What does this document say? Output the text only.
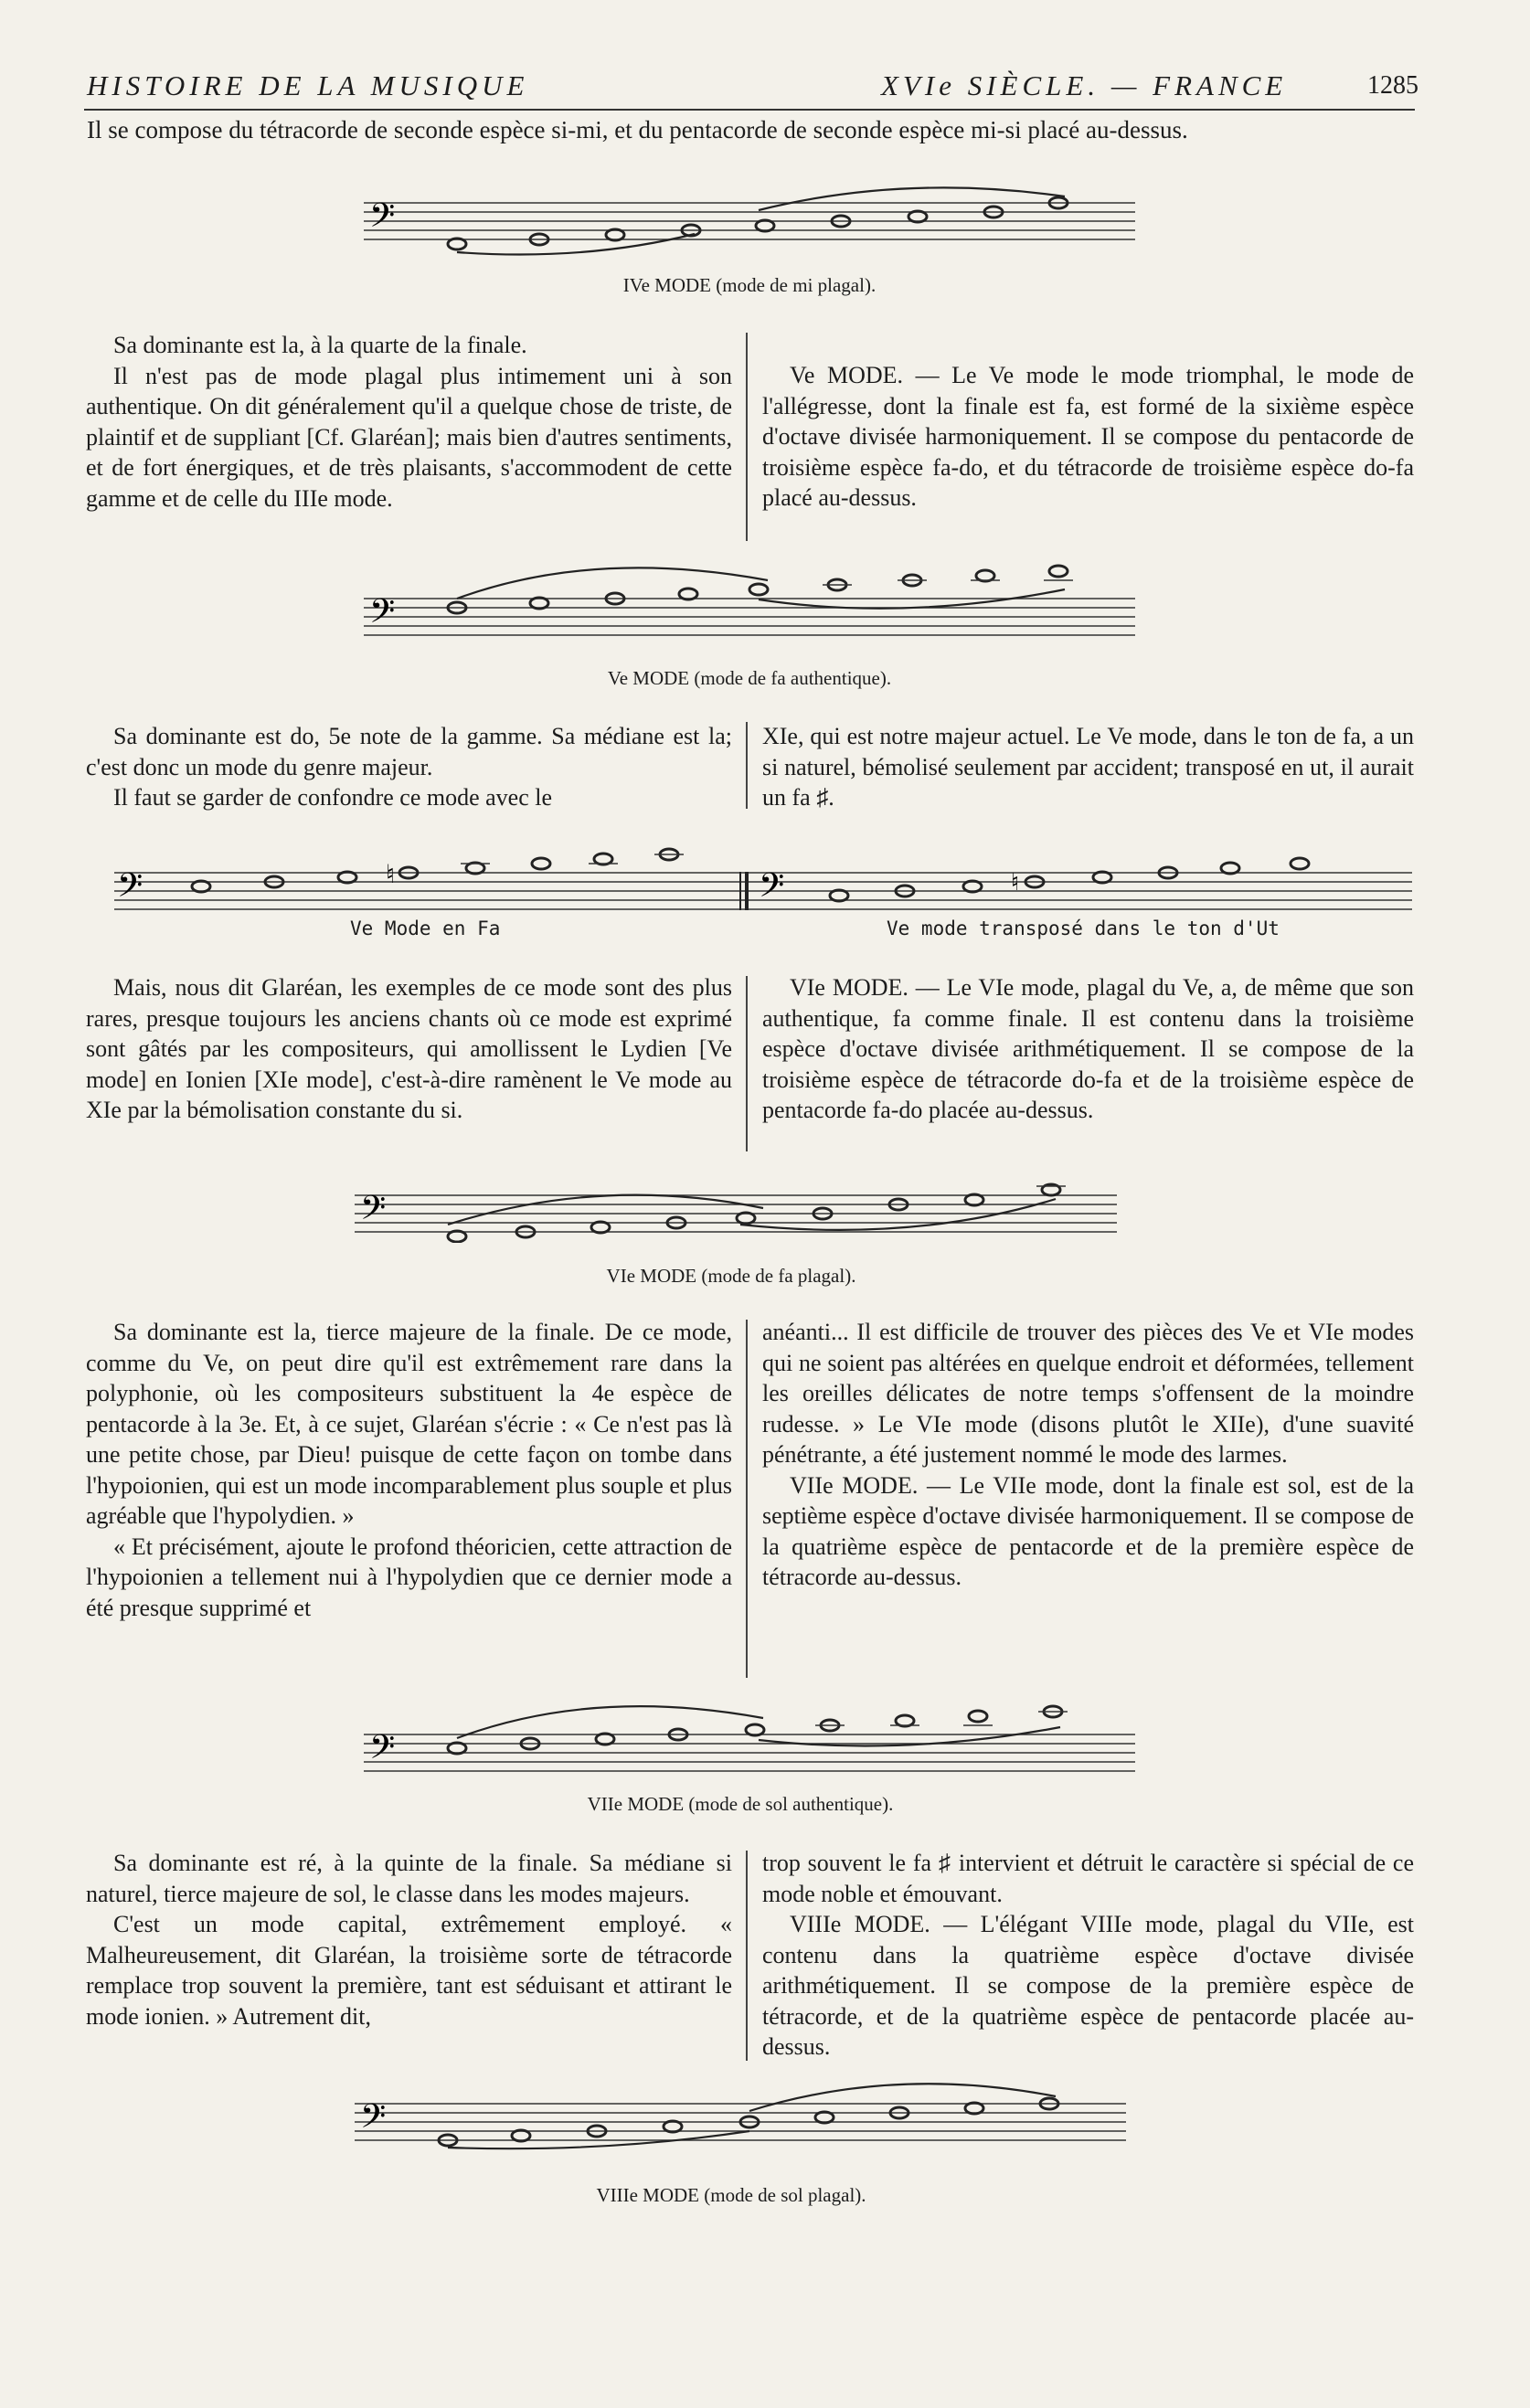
HISTOIRE DE LA MUSIQUE	XVIe SIÈCLE. — FRANCE	1285
Il se compose du tétracorde de seconde espèce si-mi, et du pentacorde de seconde espèce mi-si placé au-dessus.
𝄢
IVe MODE (mode de mi plagal).

Sa dominante est la, à la quarte de la finale.

Il n'est pas de mode plagal plus intimement uni à son authentique. On dit généralement qu'il a quelque chose de triste, de plaintif et de suppliant [Cf. Glaréan]; mais bien d'autres sentiments, et de fort énergiques, et de très plaisants, s'accommodent de cette gamme et de celle du IIIe mode.

Ve MODE. — Le Ve mode le mode triomphal, le mode de l'allégresse, dont la finale est fa, est formé de la sixième espèce d'octave divisée harmoniquement. Il se compose du pentacorde de troisième espèce fa-do, et du tétracorde de troisième espèce do-fa placé au-dessus.

𝄢
Ve MODE (mode de fa authentique).

Sa dominante est do, 5e note de la gamme. Sa médiane est la; c'est donc un mode du genre majeur.

Il faut se garder de confondre ce mode avec le

XIe, qui est notre majeur actuel. Le Ve mode, dans le ton de fa, a un si naturel, bémolisé seulement par accident; transposé en ut, il aurait un fa ♯.

𝄢	♮	𝄢	♮
Ve Mode en Fa	Ve mode transposé dans le ton d'Ut

Mais, nous dit Glaréan, les exemples de ce mode sont des plus rares, presque toujours les anciens chants où ce mode est exprimé sont gâtés par les compositeurs, qui amollissent le Lydien [Ve mode] en Ionien [XIe mode], c'est-à-dire ramènent le Ve mode au XIe par la bémolisation constante du si.

VIe MODE. — Le VIe mode, plagal du Ve, a, de même que son authentique, fa comme finale. Il est contenu dans la troisième espèce d'octave divisée arithmétiquement. Il se compose de la troisième espèce de tétracorde do-fa et de la troisième espèce de pentacorde fa-do placée au-dessus.

𝄢
VIe MODE (mode de fa plagal).

Sa dominante est la, tierce majeure de la finale. De ce mode, comme du Ve, on peut dire qu'il est extrêmement rare dans la polyphonie, où les compositeurs substituent la 4e espèce de pentacorde à la 3e. Et, à ce sujet, Glaréan s'écrie : « Ce n'est pas là une petite chose, par Dieu! puisque de cette façon on tombe dans l'hypoionien, qui est un mode incomparablement plus souple et plus agréable que l'hypolydien. »

« Et précisément, ajoute le profond théoricien, cette attraction de l'hypoionien a tellement nui à l'hypolydien que ce dernier mode a été presque supprimé et

anéanti... Il est difficile de trouver des pièces des Ve et VIe modes qui ne soient pas altérées en quelque endroit et déformées, tellement les oreilles délicates de notre temps s'offensent de la moindre rudesse. » Le VIe mode (disons plutôt le XIIe), d'une suavité pénétrante, a été justement nommé le mode des larmes.

VIIe MODE. — Le VIIe mode, dont la finale est sol, est de la septième espèce d'octave divisée harmoniquement. Il se compose de la quatrième espèce de pentacorde et de la première espèce de tétracorde au-dessus.

𝄢
VIIe MODE (mode de sol authentique).

Sa dominante est ré, à la quinte de la finale. Sa médiane si naturel, tierce majeure de sol, le classe dans les modes majeurs.

C'est un mode capital, extrêmement employé. « Malheureusement, dit Glaréan, la troisième sorte de tétracorde remplace trop souvent la première, tant est séduisant et attirant le mode ionien. » Autrement dit,

trop souvent le fa ♯ intervient et détruit le caractère si spécial de ce mode noble et émouvant.

VIIIe MODE. — L'élégant VIIIe mode, plagal du VIIe, est contenu dans la quatrième espèce d'octave divisée arithmétiquement. Il se compose de la première espèce de tétracorde, et de la quatrième espèce de pentacorde placée au-dessus.

𝄢
VIIIe MODE (mode de sol plagal).
